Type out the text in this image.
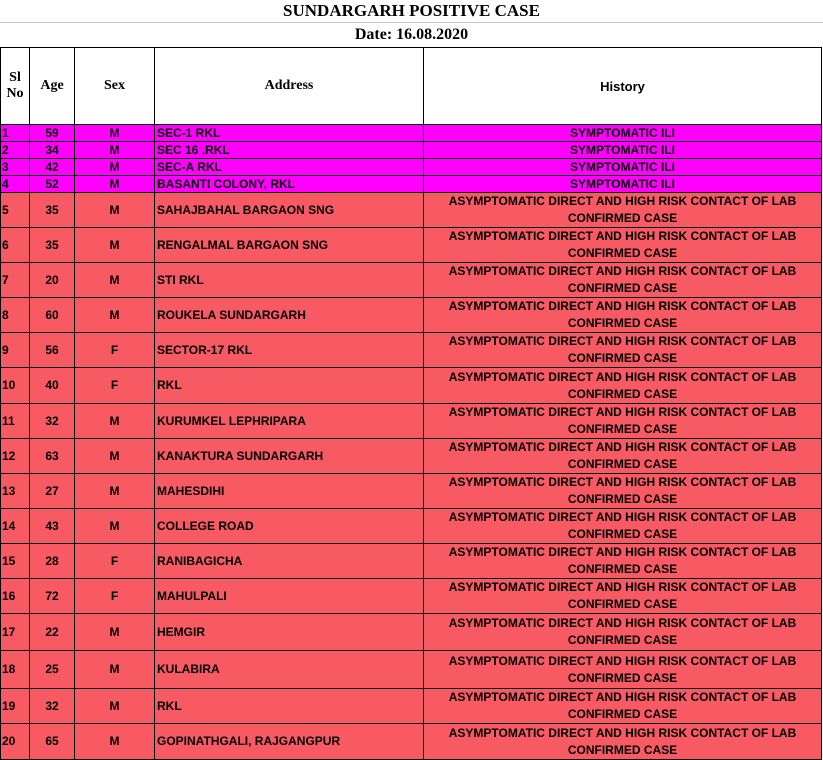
SUNDARGARH POSITIVE CASE
Date: 16.08.2020
Sl No	Age	Sex	Address	History
1	59	M	SEC-1 RKL	SYMPTOMATIC ILI
2	34	M	SEC 16 ,RKL	SYMPTOMATIC ILI
3	42	M	SEC-A RKL	SYMPTOMATIC ILI
4	52	M	BASANTI COLONY, RKL	SYMPTOMATIC ILI
5	35	M	SAHAJBAHAL BARGAON SNG	ASYMPTOMATIC DIRECT AND HIGH RISK CONTACT OF LAB CONFIRMED CASE
6	35	M	RENGALMAL BARGAON SNG	ASYMPTOMATIC DIRECT AND HIGH RISK CONTACT OF LAB CONFIRMED CASE
7	20	M	STI RKL	ASYMPTOMATIC DIRECT AND HIGH RISK CONTACT OF LAB CONFIRMED CASE
8	60	M	ROUKELA SUNDARGARH	ASYMPTOMATIC DIRECT AND HIGH RISK CONTACT OF LAB CONFIRMED CASE
9	56	F	SECTOR-17 RKL	ASYMPTOMATIC DIRECT AND HIGH RISK CONTACT OF LAB CONFIRMED CASE
10	40	F	RKL	ASYMPTOMATIC DIRECT AND HIGH RISK CONTACT OF LAB CONFIRMED CASE
11	32	M	KURUMKEL LEPHRIPARA	ASYMPTOMATIC DIRECT AND HIGH RISK CONTACT OF LAB CONFIRMED CASE
12	63	M	KANAKTURA SUNDARGARH	ASYMPTOMATIC DIRECT AND HIGH RISK CONTACT OF LAB CONFIRMED CASE
13	27	M	MAHESDIHI	ASYMPTOMATIC DIRECT AND HIGH RISK CONTACT OF LAB CONFIRMED CASE
14	43	M	COLLEGE ROAD	ASYMPTOMATIC DIRECT AND HIGH RISK CONTACT OF LAB CONFIRMED CASE
15	28	F	RANIBAGICHA	ASYMPTOMATIC DIRECT AND HIGH RISK CONTACT OF LAB CONFIRMED CASE
16	72	F	MAHULPALI	ASYMPTOMATIC DIRECT AND HIGH RISK CONTACT OF LAB CONFIRMED CASE
17	22	M	HEMGIR	ASYMPTOMATIC DIRECT AND HIGH RISK CONTACT OF LAB CONFIRMED CASE
18	25	M	KULABIRA	ASYMPTOMATIC DIRECT AND HIGH RISK CONTACT OF LAB CONFIRMED CASE
19	32	M	RKL	ASYMPTOMATIC DIRECT AND HIGH RISK CONTACT OF LAB CONFIRMED CASE
20	65	M	GOPINATHGALI, RAJGANGPUR	ASYMPTOMATIC DIRECT AND HIGH RISK CONTACT OF LAB CONFIRMED CASE
